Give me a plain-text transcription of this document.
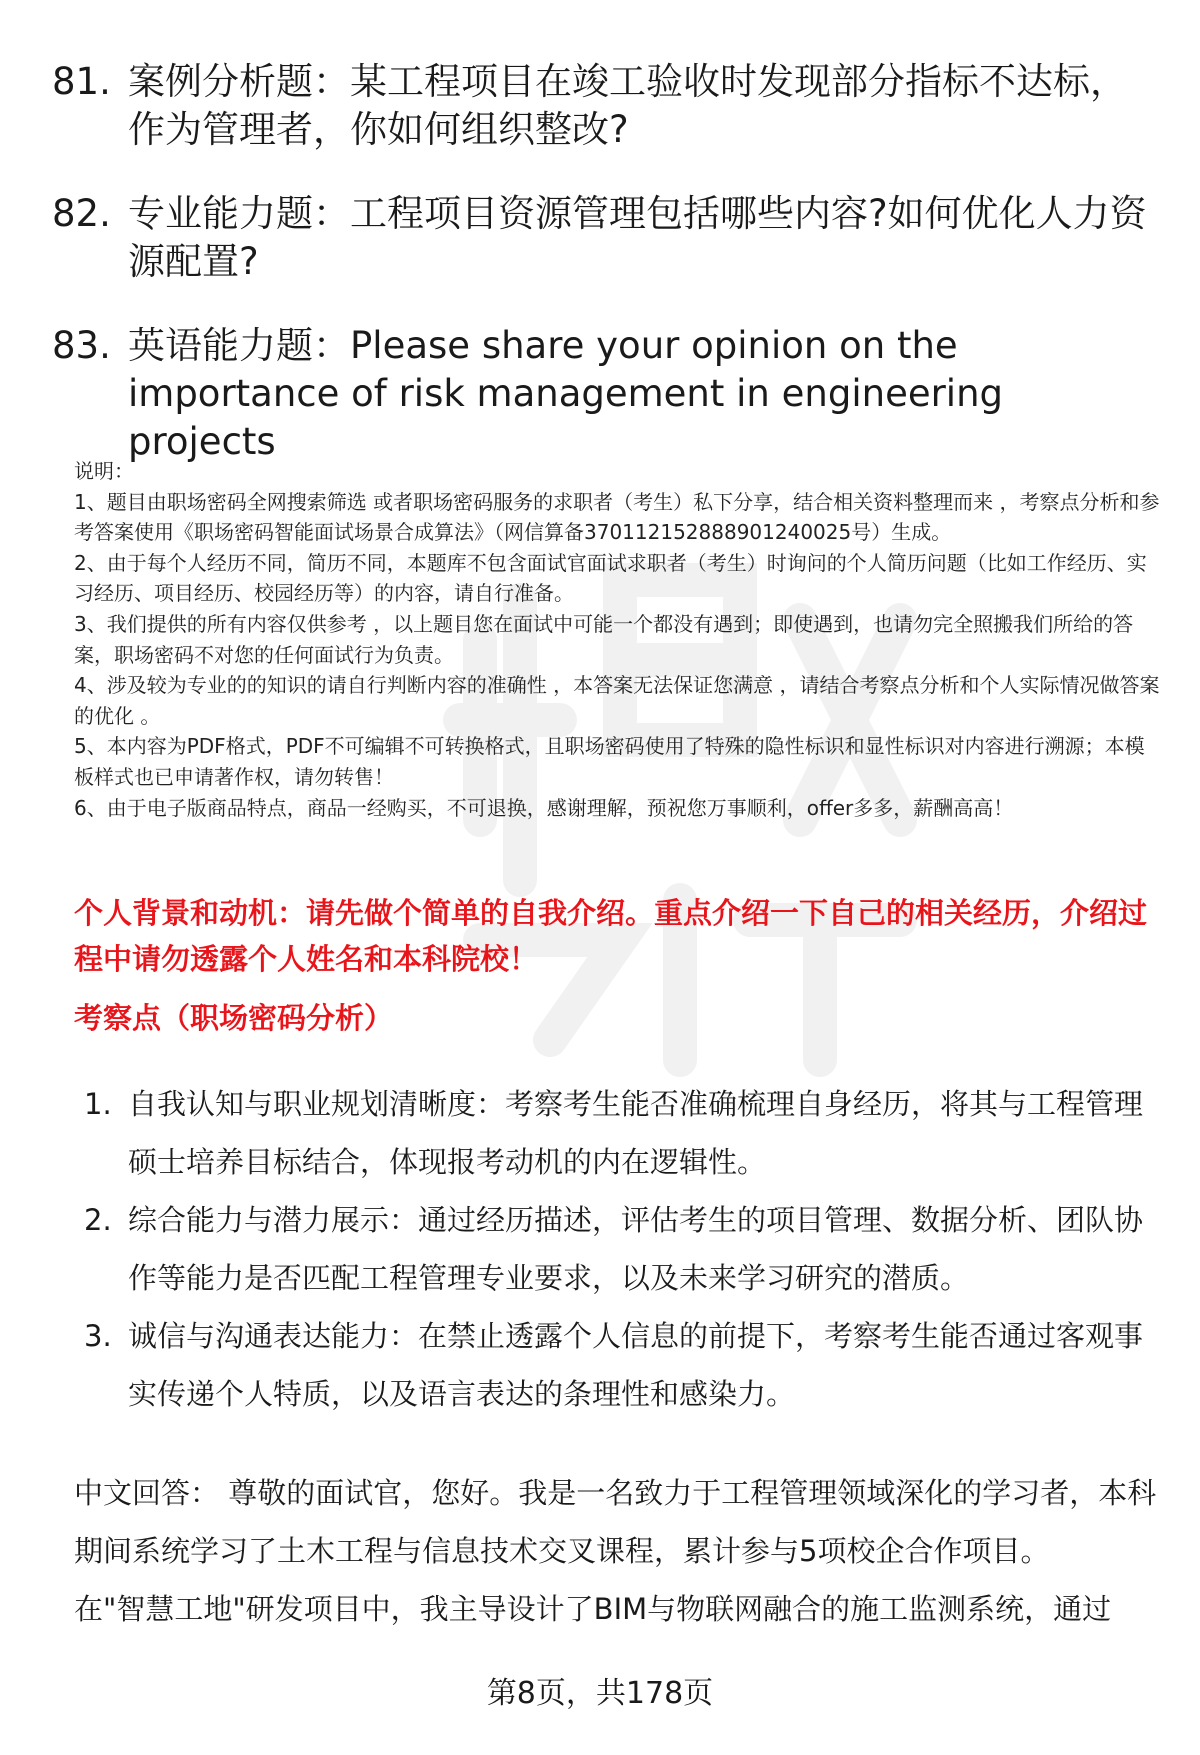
81. 案例分析题：某工程项目在竣工验收时发现部分指标不达标，作为管理者，你如何组织整改?
82. 专业能力题：工程项目资源管理包括哪些内容?如何优化人力资源配置?
83. 英语能力题：Please share your opinion on the importance of risk management in engineering projects
说明：
1、题目由职场密码全网搜索筛选 或者职场密码服务的求职者（考生）私下分享，结合相关资料整理而来 ，考察点分析和参考答案使用《职场密码智能面试场景合成算法》（网信算备370112152888901240025号）生成。
2、由于每个人经历不同，简历不同，本题库不包含面试官面试求职者（考生）时询问的个人简历问题（比如工作经历、实习经历、项目经历、校园经历等）的内容，请自行准备。
3、我们提供的所有内容仅供参考 ，以上题目您在面试中可能一个都没有遇到；即使遇到，也请勿完全照搬我们所给的答案，职场密码不对您的任何面试行为负责。
4、涉及较为专业的的知识的请自行判断内容的准确性 ，本答案无法保证您满意 ，请结合考察点分析和个人实际情况做答案的优化 。
5、本内容为PDF格式，PDF不可编辑不可转换格式，且职场密码使用了特殊的隐性标识和显性标识对内容进行溯源；本模板样式也已申请著作权，请勿转售！
6、由于电子版商品特点，商品一经购买，不可退换，感谢理解，预祝您万事顺利，offer多多，薪酬高高！
个人背景和动机：请先做个简单的自我介绍。重点介绍一下自己的相关经历，介绍过程中请勿透露个人姓名和本科院校！
考察点（职场密码分析）
1. 自我认知与职业规划清晰度：考察考生能否准确梳理自身经历，将其与工程管理硕士培养目标结合，体现报考动机的内在逻辑性。
2. 综合能力与潜力展示：通过经历描述，评估考生的项目管理、数据分析、团队协作等能力是否匹配工程管理专业要求，以及未来学习研究的潜质。
3. 诚信与沟通表达能力：在禁止透露个人信息的前提下，考察考生能否通过客观事实传递个人特质，以及语言表达的条理性和感染力。
中文回答： 尊敬的面试官，您好。我是一名致力于工程管理领域深化的学习者，本科期间系统学习了土木工程与信息技术交叉课程，累计参与5项校企合作项目。
在"智慧工地"研发项目中，我主导设计了BIM与物联网融合的施工监测系统，通过
第8页，共178页
